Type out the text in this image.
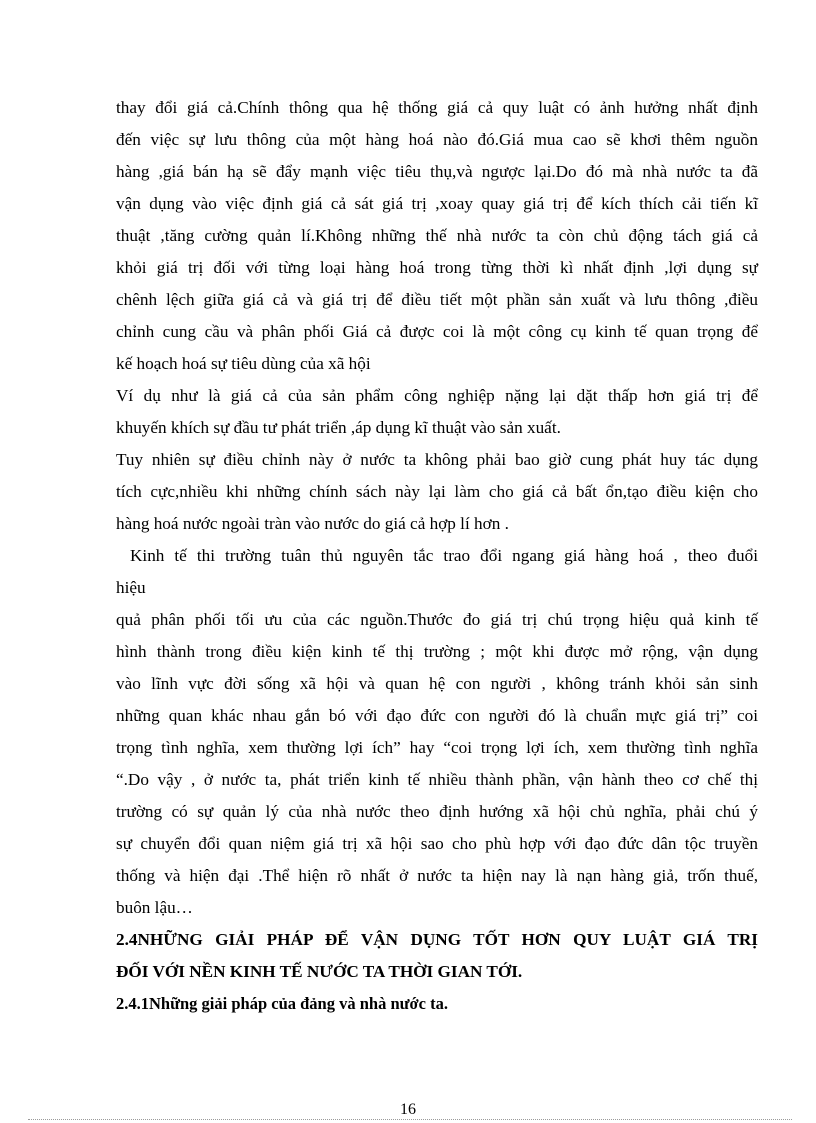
thay đổi giá cả.Chính thông qua hệ thống giá cả quy luật có ảnh hưởng nhất định

đến việc sự lưu thông của một hàng hoá nào đó.Giá mua cao sẽ khơi thêm nguồn

hàng ,giá bán hạ sẽ đẩy mạnh việc tiêu thụ,và ngược lại.Do đó mà nhà nước ta đã

vận dụng vào việc định giá cả sát giá trị ,xoay quay giá trị để kích thích cải tiến kĩ

thuật ,tăng cường quản lí.Không những thế nhà nước ta còn chủ động tách giá cả

khỏi giá trị đối với từng loại hàng hoá trong từng thời kì nhất định ,lợi dụng sự

chênh lệch giữa giá cả và giá trị để điều tiết một phần sản xuất và lưu thông ,điều

chỉnh cung cầu và phân phối Giá cả được coi là một công cụ kinh tế quan trọng để

kế hoạch hoá sự tiêu dùng của xã hội

Ví dụ như là giá cả của sản phẩm công nghiệp nặng lại dặt thấp hơn giá trị để

khuyến khích sự đầu tư phát triển ,áp dụng kĩ thuật vào sản xuất.

Tuy nhiên sự điều chỉnh này ở nước ta không phải bao giờ cung phát huy tác dụng

tích cực,nhiều khi những chính sách này lại làm cho giá cả bất ổn,tạo điều kiện cho

hàng hoá nước ngoài tràn vào nước do giá cả hợp lí hơn .

Kinh tế thi trường tuân thủ nguyên tắc trao đổi ngang giá hàng hoá , theo đuổi

hiệu

quả phân phối tối ưu của các nguồn.Thước đo giá trị chú trọng hiệu quả kinh tế

hình thành trong điều kiện kinh tế thị trường ; một khi được mở rộng, vận dụng

vào lĩnh vực đời sống xã hội và quan hệ con người , không tránh khỏi sản sinh

những quan khác nhau gắn bó với đạo đức con người đó là chuẩn mực giá trị” coi

trọng tình nghĩa, xem thường lợi ích” hay “coi trọng lợi ích, xem thường tình nghĩa

“.Do vậy , ở nước ta, phát triển kinh tế nhiều thành phần, vận hành theo cơ chế thị

trường có sự quản lý của nhà nước theo định hướng xã hội chủ nghĩa, phải chú ý

sự chuyển đổi quan niệm giá trị xã hội sao cho phù hợp với đạo đức dân tộc truyền

thống và hiện đại .Thể hiện rõ nhất ở nước ta hiện nay là nạn hàng giả, trốn thuế,

buôn lậu…

2.4NHỮNG GIẢI PHÁP ĐỂ VẬN DỤNG TỐT HƠN QUY LUẬT GIÁ TRỊ

ĐỐI VỚI NỀN KINH TẾ NƯỚC TA THỜI GIAN TỚI.

2.4.1Những giải pháp của đảng và nhà nước ta.

16
